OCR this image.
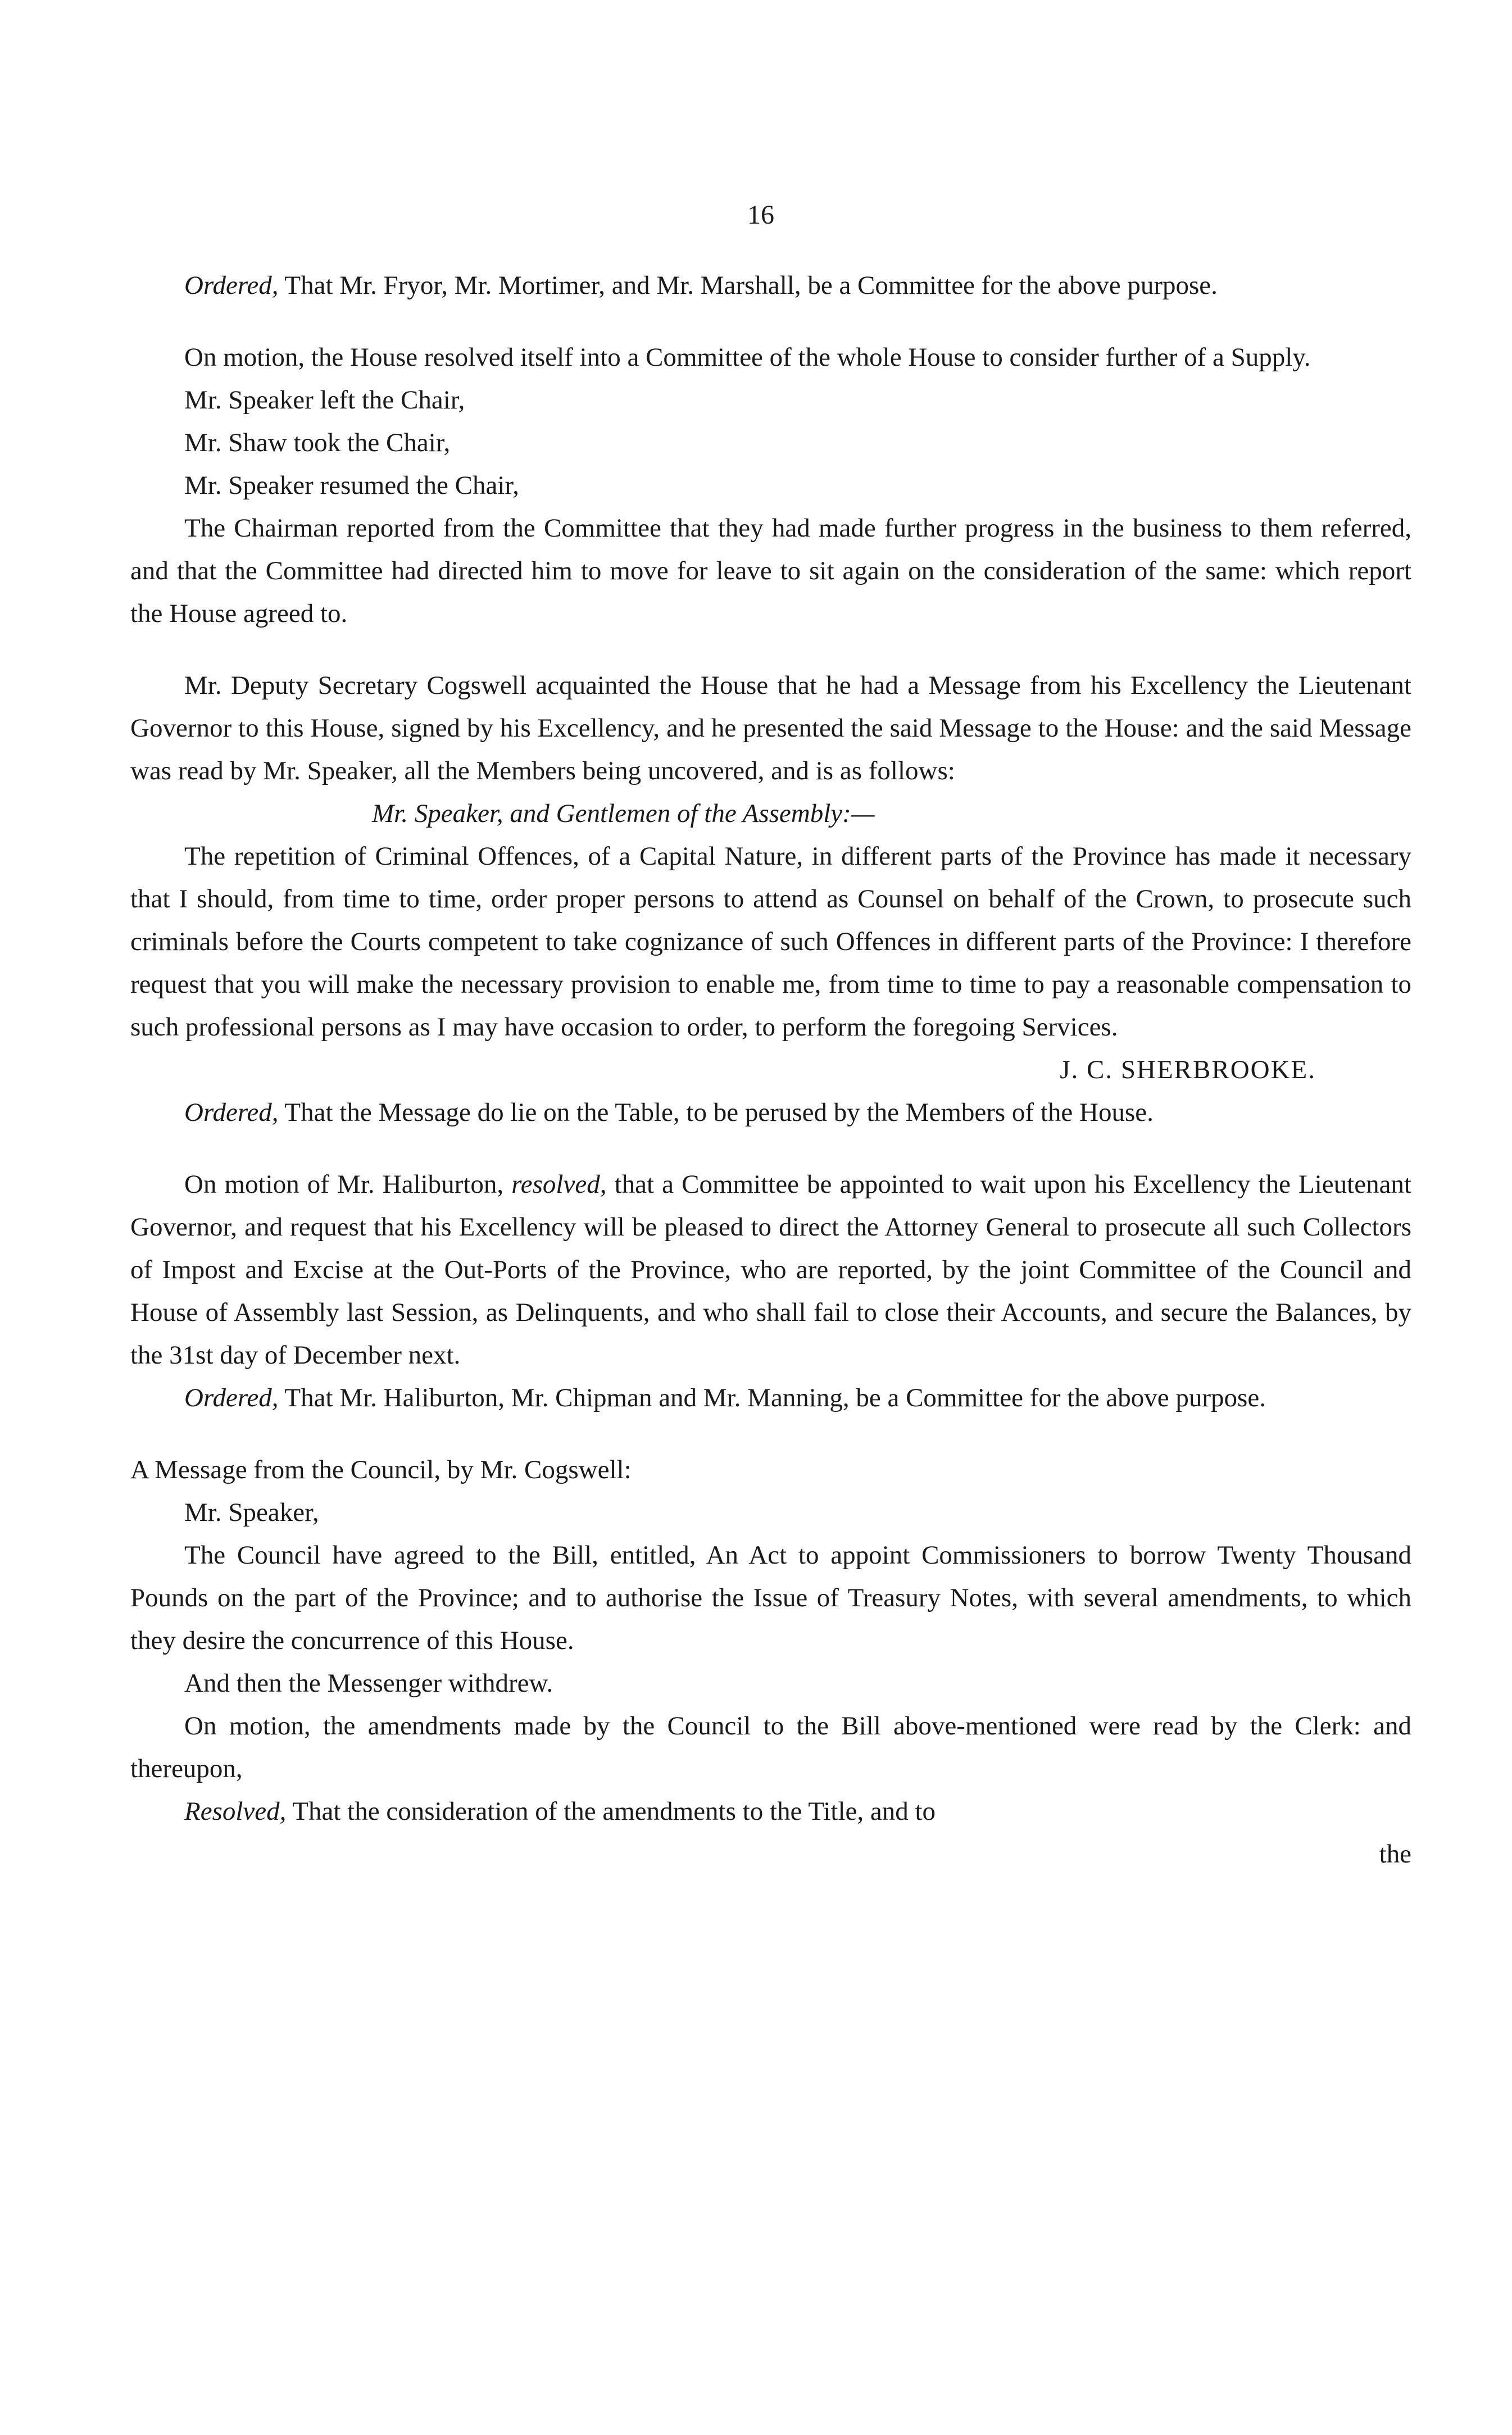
16

Ordered, That Mr. Fryor, Mr. Mortimer, and Mr. Marshall, be a Committee for the above purpose.

On motion, the House resolved itself into a Committee of the whole House to consider further of a Supply.

Mr. Speaker left the Chair,

Mr. Shaw took the Chair,

Mr. Speaker resumed the Chair,

The Chairman reported from the Committee that they had made further progress in the business to them referred, and that the Committee had directed him to move for leave to sit again on the consideration of the same: which report the House agreed to.

Mr. Deputy Secretary Cogswell acquainted the House that he had a Message from his Excellency the Lieutenant Governor to this House, signed by his Excellency, and he presented the said Message to the House: and the said Message was read by Mr. Speaker, all the Members being uncovered, and is as follows:

Mr. Speaker, and Gentlemen of the Assembly:—

The repetition of Criminal Offences, of a Capital Nature, in different parts of the Province has made it necessary that I should, from time to time, order proper persons to attend as Counsel on behalf of the Crown, to prosecute such criminals before the Courts competent to take cognizance of such Offences in different parts of the Province: I therefore request that you will make the necessary provision to enable me, from time to time to pay a reasonable compensation to such professional persons as I may have occasion to order, to perform the foregoing Services.

J. C. SHERBROOKE.

Ordered, That the Message do lie on the Table, to be perused by the Members of the House.

On motion of Mr. Haliburton, resolved, that a Committee be appointed to wait upon his Excellency the Lieutenant Governor, and request that his Excellency will be pleased to direct the Attorney General to prosecute all such Collectors of Impost and Excise at the Out-Ports of the Province, who are reported, by the joint Committee of the Council and House of Assembly last Session, as Delinquents, and who shall fail to close their Accounts, and secure the Balances, by the 31st day of December next.

Ordered, That Mr. Haliburton, Mr. Chipman and Mr. Manning, be a Committee for the above purpose.

A Message from the Council, by Mr. Cogswell:

Mr. Speaker,

The Council have agreed to the Bill, entitled, An Act to appoint Commissioners to borrow Twenty Thousand Pounds on the part of the Province; and to authorise the Issue of Treasury Notes, with several amendments, to which they desire the concurrence of this House.

And then the Messenger withdrew.

On motion, the amendments made by the Council to the Bill above-mentioned were read by the Clerk: and thereupon,

Resolved, That the consideration of the amendments to the Title, and to

the
